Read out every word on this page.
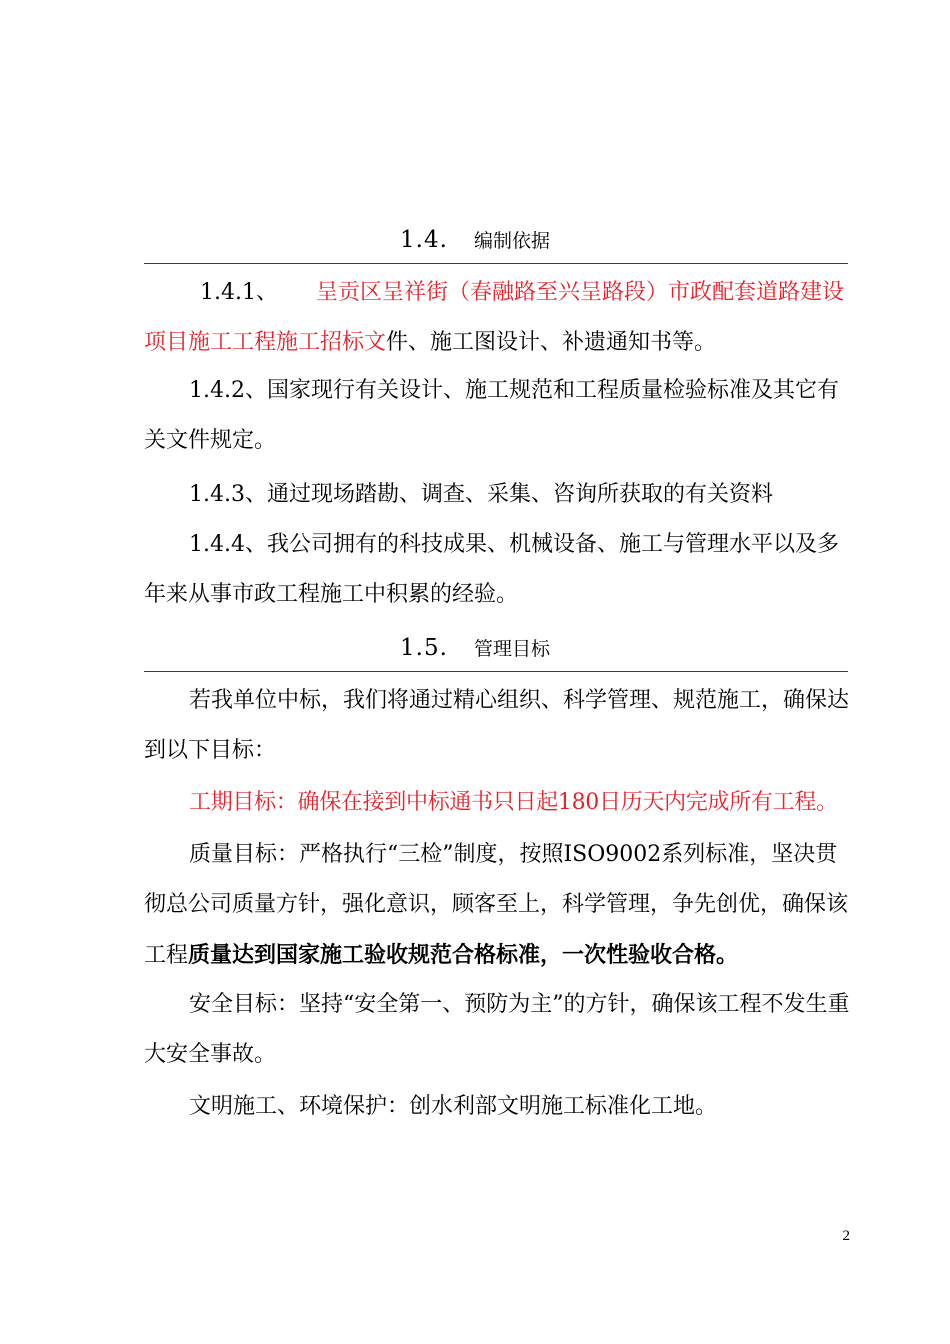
1.4. 编制依据

1.4.1、 呈贡区呈祥街（春融路至兴呈路段）市政配套道路建设项目施工工程施工招标文件、施工图设计、补遗通知书等。

1.4.2、国家现行有关设计、施工规范和工程质量检验标准及其它有关文件规定。

1.4.3、通过现场踏勘、调查、采集、咨询所获取的有关资料

1.4.4、我公司拥有的科技成果、机械设备、施工与管理水平以及多年来从事市政工程施工中积累的经验。

1.5. 管理目标

若我单位中标，我们将通过精心组织、科学管理、规范施工，确保达到以下目标：

工期目标：确保在接到中标通书只日起180日历天内完成所有工程。

质量目标：严格执行“三检”制度，按照ISO9002系列标准，坚决贯彻总公司质量方针，强化意识，顾客至上，科学管理，争先创优，确保该工程质量达到国家施工验收规范合格标准，一次性验收合格。

安全目标：坚持“安全第一、预防为主”的方针，确保该工程不发生重大安全事故。

文明施工、环境保护：创水利部文明施工标准化工地。

2
